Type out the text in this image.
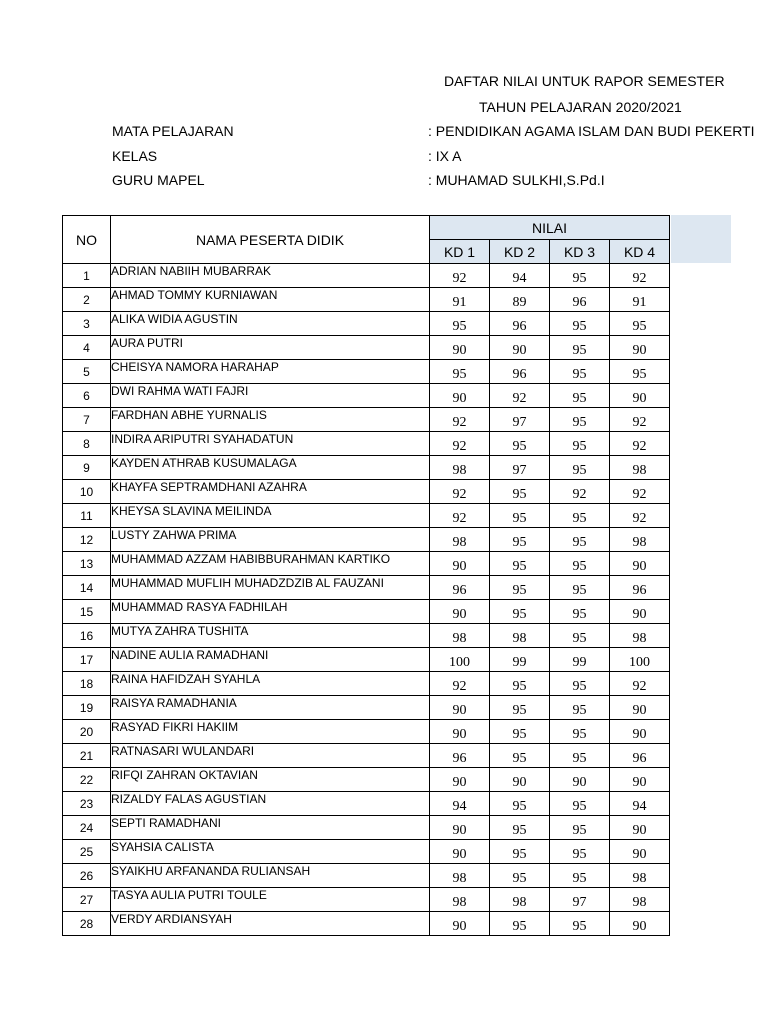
DAFTAR NILAI UNTUK RAPOR SEMESTER
TAHUN PELAJARAN 2020/2021
MATA PELAJARAN	: PENDIDIKAN AGAMA ISLAM DAN BUDI PEKERTI
KELAS	: IX A
GURU MAPEL	: MUHAMAD SULKHI,S.Pd.I
NO	NAMA PESERTA DIDIK	NILAI			
		KD 1	KD 2	KD 3	KD 4
1	ADRIAN NABIIH MUBARRAK	92	94	95	92
2	AHMAD TOMMY KURNIAWAN	91	89	96	91
3	ALIKA WIDIA AGUSTIN	95	96	95	95
4	AURA PUTRI	90	90	95	90
5	CHEISYA NAMORA HARAHAP	95	96	95	95
6	DWI RAHMA WATI FAJRI	90	92	95	90
7	FARDHAN ABHE YURNALIS	92	97	95	92
8	INDIRA ARIPUTRI SYAHADATUN	92	95	95	92
9	KAYDEN ATHRAB KUSUMALAGA	98	97	95	98
10	KHAYFA SEPTRAMDHANI AZAHRA	92	95	92	92
11	KHEYSA SLAVINA MEILINDA	92	95	95	92
12	LUSTY ZAHWA PRIMA	98	95	95	98
13	MUHAMMAD AZZAM HABIBBURAHMAN KARTIKO	90	95	95	90
14	MUHAMMAD MUFLIH MUHADZDZIB AL FAUZANI	96	95	95	96
15	MUHAMMAD RASYA FADHILAH	90	95	95	90
16	MUTYA ZAHRA TUSHITA	98	98	95	98
17	NADINE AULIA RAMADHANI	100	99	99	100
18	RAINA HAFIDZAH SYAHLA	92	95	95	92
19	RAISYA RAMADHANIA	90	95	95	90
20	RASYAD FIKRI HAKIIM	90	95	95	90
21	RATNASARI WULANDARI	96	95	95	96
22	RIFQI ZAHRAN OKTAVIAN	90	90	90	90
23	RIZALDY FALAS AGUSTIAN	94	95	95	94
24	SEPTI RAMADHANI	90	95	95	90
25	SYAHSIA CALISTA	90	95	95	90
26	SYAIKHU ARFANANDA RULIANSAH	98	95	95	98
27	TASYA AULIA PUTRI TOULE	98	98	97	98
28	VERDY ARDIANSYAH	90	95	95	90
